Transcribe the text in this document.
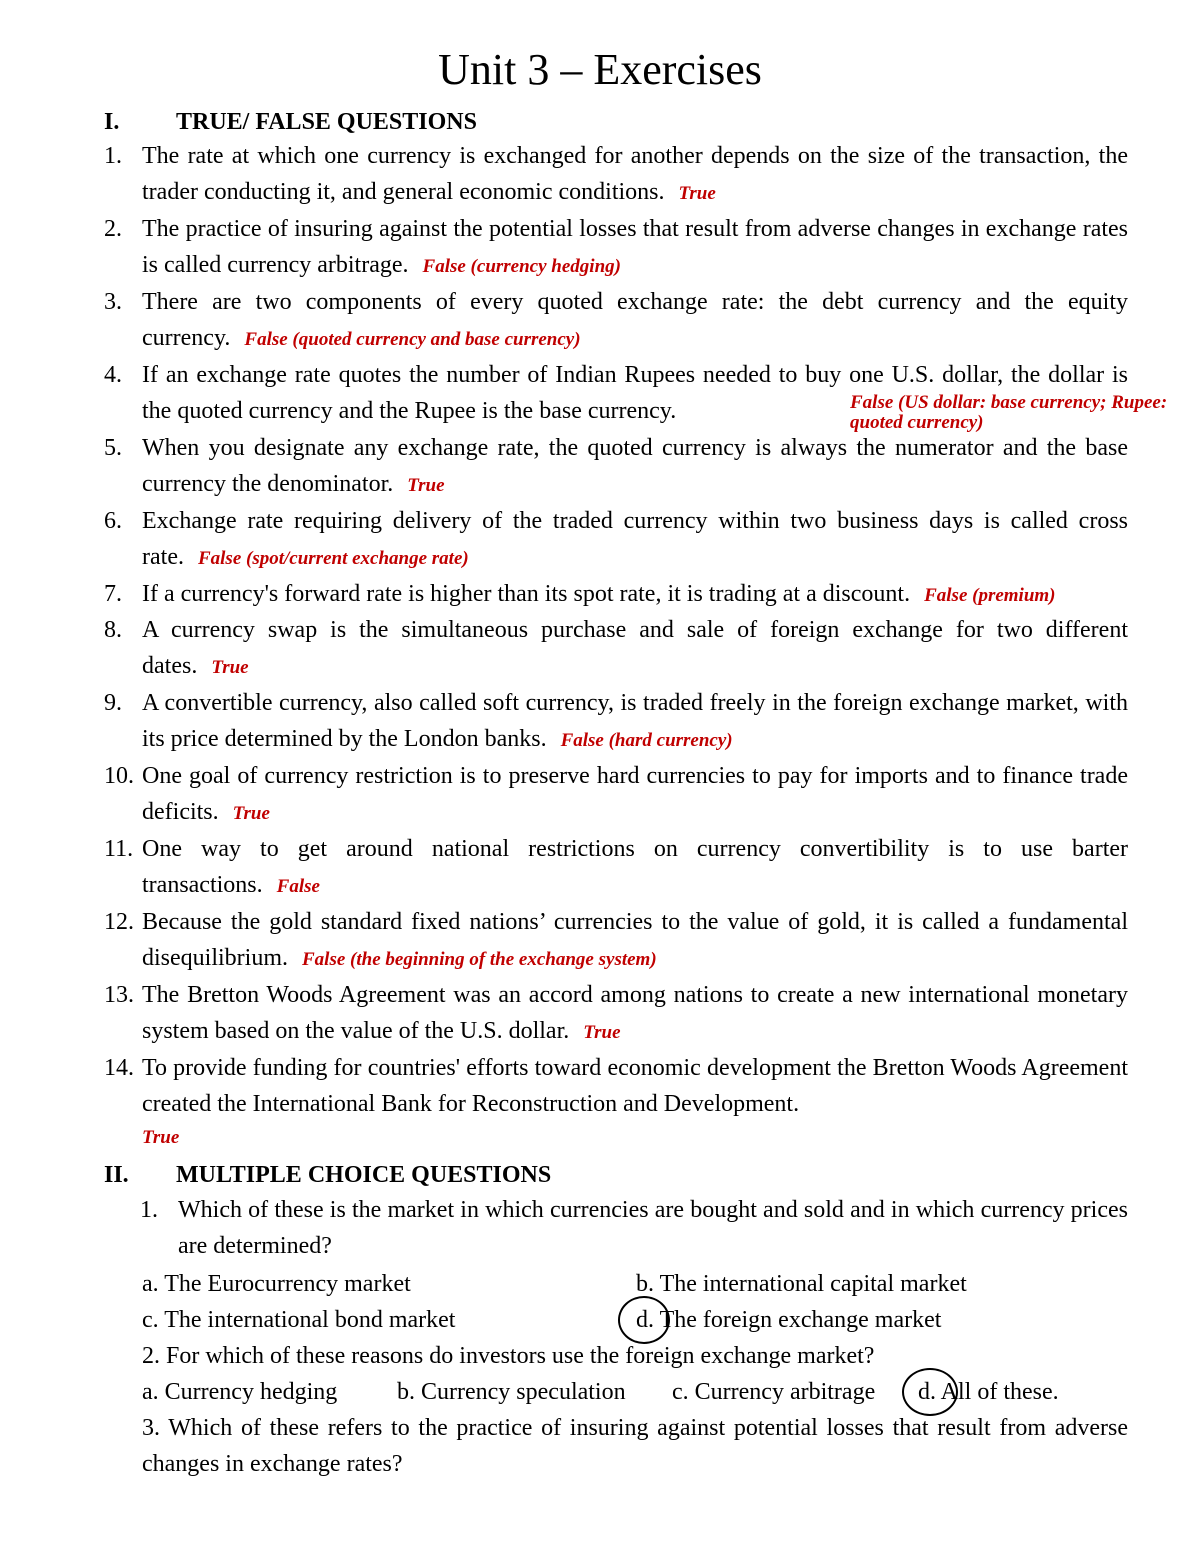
Unit 3 – Exercises
I. TRUE/ FALSE QUESTIONS
1. The rate at which one currency is exchanged for another depends on the size of the transaction, the trader conducting it, and general economic conditions. True
2. The practice of insuring against the potential losses that result from adverse changes in exchange rates is called currency arbitrage. False (currency hedging)
3. There are two components of every quoted exchange rate: the debt currency and the equity currency. False (quoted currency and base currency)
4. If an exchange rate quotes the number of Indian Rupees needed to buy one U.S. dollar, the dollar is the quoted currency and the Rupee is the base currency.	False (US dollar: base currency; Rupee: quoted currency)
5. When you designate any exchange rate, the quoted currency is always the numerator and the base currency the denominator. True
6. Exchange rate requiring delivery of the traded currency within two business days is called cross rate. False (spot/current exchange rate)
7. If a currency's forward rate is higher than its spot rate, it is trading at a discount. False (premium)
8. A currency swap is the simultaneous purchase and sale of foreign exchange for two different dates. True
9. A convertible currency, also called soft currency, is traded freely in the foreign exchange market, with its price determined by the London banks. False (hard currency)
10. One goal of currency restriction is to preserve hard currencies to pay for imports and to finance trade deficits. True
11. One way to get around national restrictions on currency convertibility is to use barter transactions. False
12. Because the gold standard fixed nations’ currencies to the value of gold, it is called a fundamental disequilibrium. False (the beginning of the exchange system)
13. The Bretton Woods Agreement was an accord among nations to create a new international monetary system based on the value of the U.S. dollar. True
14. To provide funding for countries' efforts toward economic development the Bretton Woods Agreement created the International Bank for Reconstruction and Development.
True
II. MULTIPLE CHOICE QUESTIONS
1. Which of these is the market in which currencies are bought and sold and in which currency prices are determined?
a. The Eurocurrency market	b. The international capital market
c. The international bond market	d. The foreign exchange market
2. For which of these reasons do investors use the foreign exchange market?
a. Currency hedging b. Currency speculation c. Currency arbitrage d. All of these.
3. Which of these refers to the practice of insuring against potential losses that result from adverse changes in exchange rates?
